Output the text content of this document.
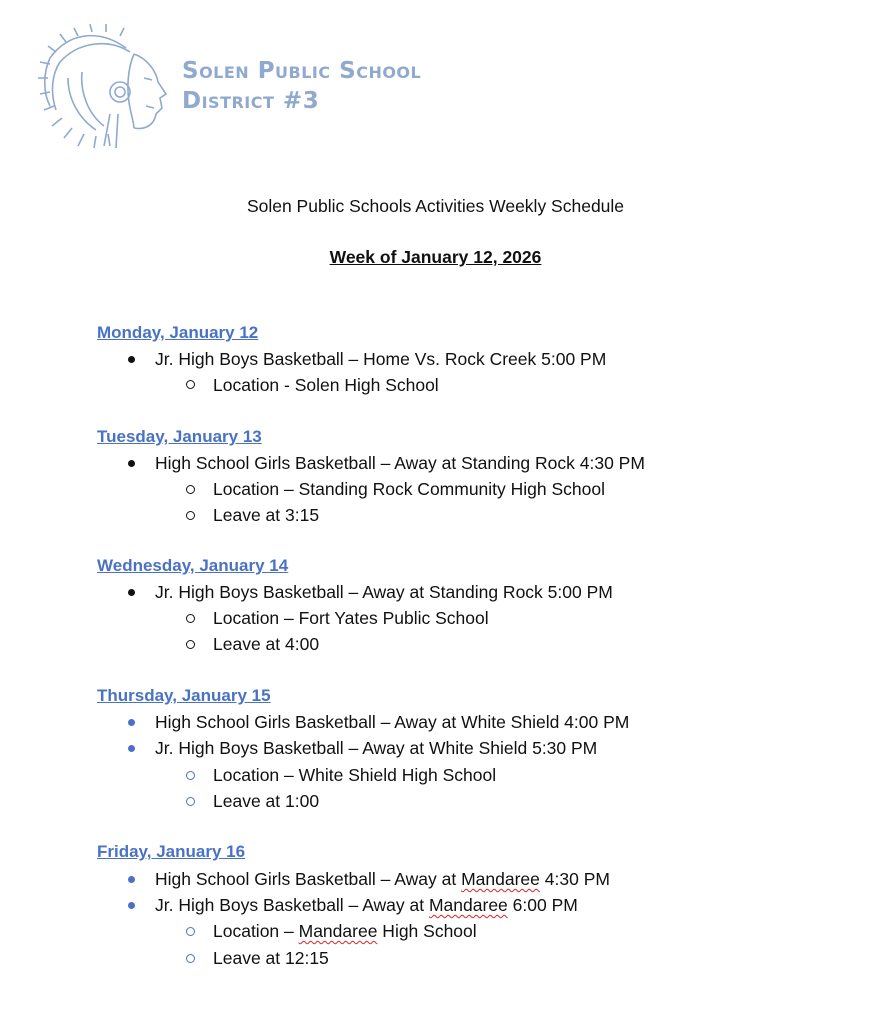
Solen Public School
District #3
Solen Public Schools Activities Weekly Schedule
Week of January 12, 2026
Monday, January 12
Jr. High Boys Basketball – Home Vs. Rock Creek 5:00 PM
Location - Solen High School
Tuesday, January 13
High School Girls Basketball – Away at Standing Rock 4:30 PM
Location – Standing Rock Community High School
Leave at 3:15
Wednesday, January 14
Jr. High Boys Basketball – Away at Standing Rock 5:00 PM
Location – Fort Yates Public School
Leave at 4:00
Thursday, January 15
High School Girls Basketball – Away at White Shield 4:00 PM
Jr. High Boys Basketball – Away at White Shield 5:30 PM
Location – White Shield High School
Leave at 1:00
Friday, January 16
High School Girls Basketball – Away at Mandaree 4:30 PM
Jr. High Boys Basketball – Away at Mandaree 6:00 PM
Location – Mandaree High School
Leave at 12:15
